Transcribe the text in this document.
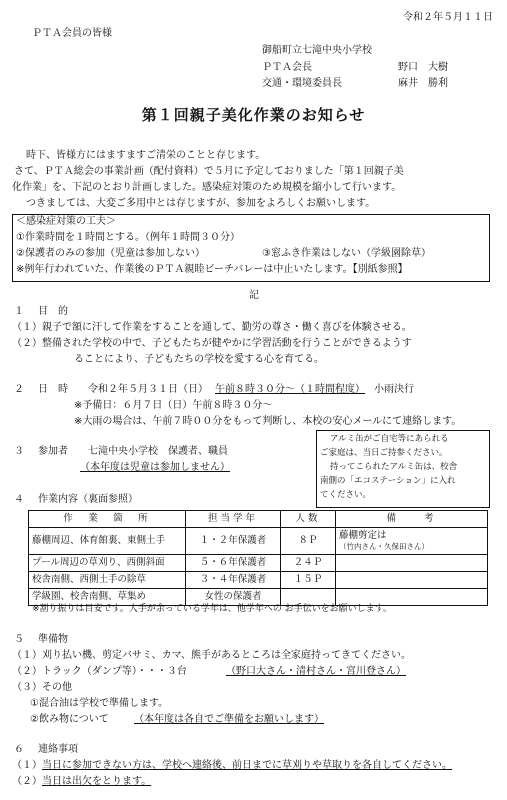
令和２年５月１１日
ＰＴＡ会員の皆様
御船町立七滝中央小学校
ＰＴＡ会長	野口　大樹
交通・環境委員長	麻井　勝利
第１回親子美化作業のお知らせ
時下、皆様方にはますますご清栄のことと存じます。
さて、ＰＴＡ総会の事業計画（配付資料）で５月に予定しておりました「第１回親子美
化作業」を、下記のとおり計画しました。感染症対策のため規模を縮小して行います。
つきましては、大変ご多用中とは存じますが、参加をよろしくお願いします。
＜感染症対策の工夫＞
①作業時間を１時間とする。（例年１時間３０分）
②保護者のみの参加（児童は参加しない）	③窓ふき作業はしない（学級園除草）
※例年行われていた、作業後のＰＴＡ親睦ビーチバレーは中止いたします。【別紙参照】
記
１ 目　的
（１）親子で額に汗して作業をすることを通して、勤労の尊さ・働く喜びを体験させる。
（２）整備された学校の中で、子どもたちが健やかに学習活動を行うことができるようす
ることにより、子どもたちの学校を愛する心を育てる。
２ 日　時 令和２年５月３１日（日） 午前８時３０分～（１時間程度） 小雨決行
※予備日：６月７日（日）午前８時３０分～
※大雨の場合は、午前７時００分をもって判断し、本校の安心メールにて連絡します。
３ 参加者 七滝中央小学校　保護者、職員
（本年度は児童は参加しません）
アルミ缶がご自宅等にあられる
ご家庭は、当日ご持参ください。
持ってこられたアルミ缶は、校舎
南側の「エコステーション」に入れ
てください。
４ 作業内容（裏面参照）
作　業　箇　所	担当学年	人数	備　　考
藤棚周辺、体育館裏、東側土手	１・２年保護者	８Ｐ	藤棚剪定は
（竹内さん・久保田さん）

プール周辺の草刈り、西側斜面	５・６年保護者	２４Ｐ	
校舎南側、西側土手の除草	３・４年保護者	１５Ｐ	
学級園、校舎南側、草集め	女性の保護者		
※割り振りは目安です。人手が余っている学年は、他学年への お手伝いをお願いします。
５ 準備物
（１）刈り払い機、剪定バサミ、カマ、熊手があるところは全家庭持ってきてください。
（２）トラック（ダンプ等）・・・３台	（野口大さん・清村さん・宮川登さん）
（３）その他
①混合油は学校で準備します。
②飲み物について	（本年度は各自でご準備をお願いします）
６ 連絡事項
（１） 当日に参加できない方は、学校へ連絡後、前日までに草刈りや草取りを各自してください。
（２） 当日は出欠をとります。
